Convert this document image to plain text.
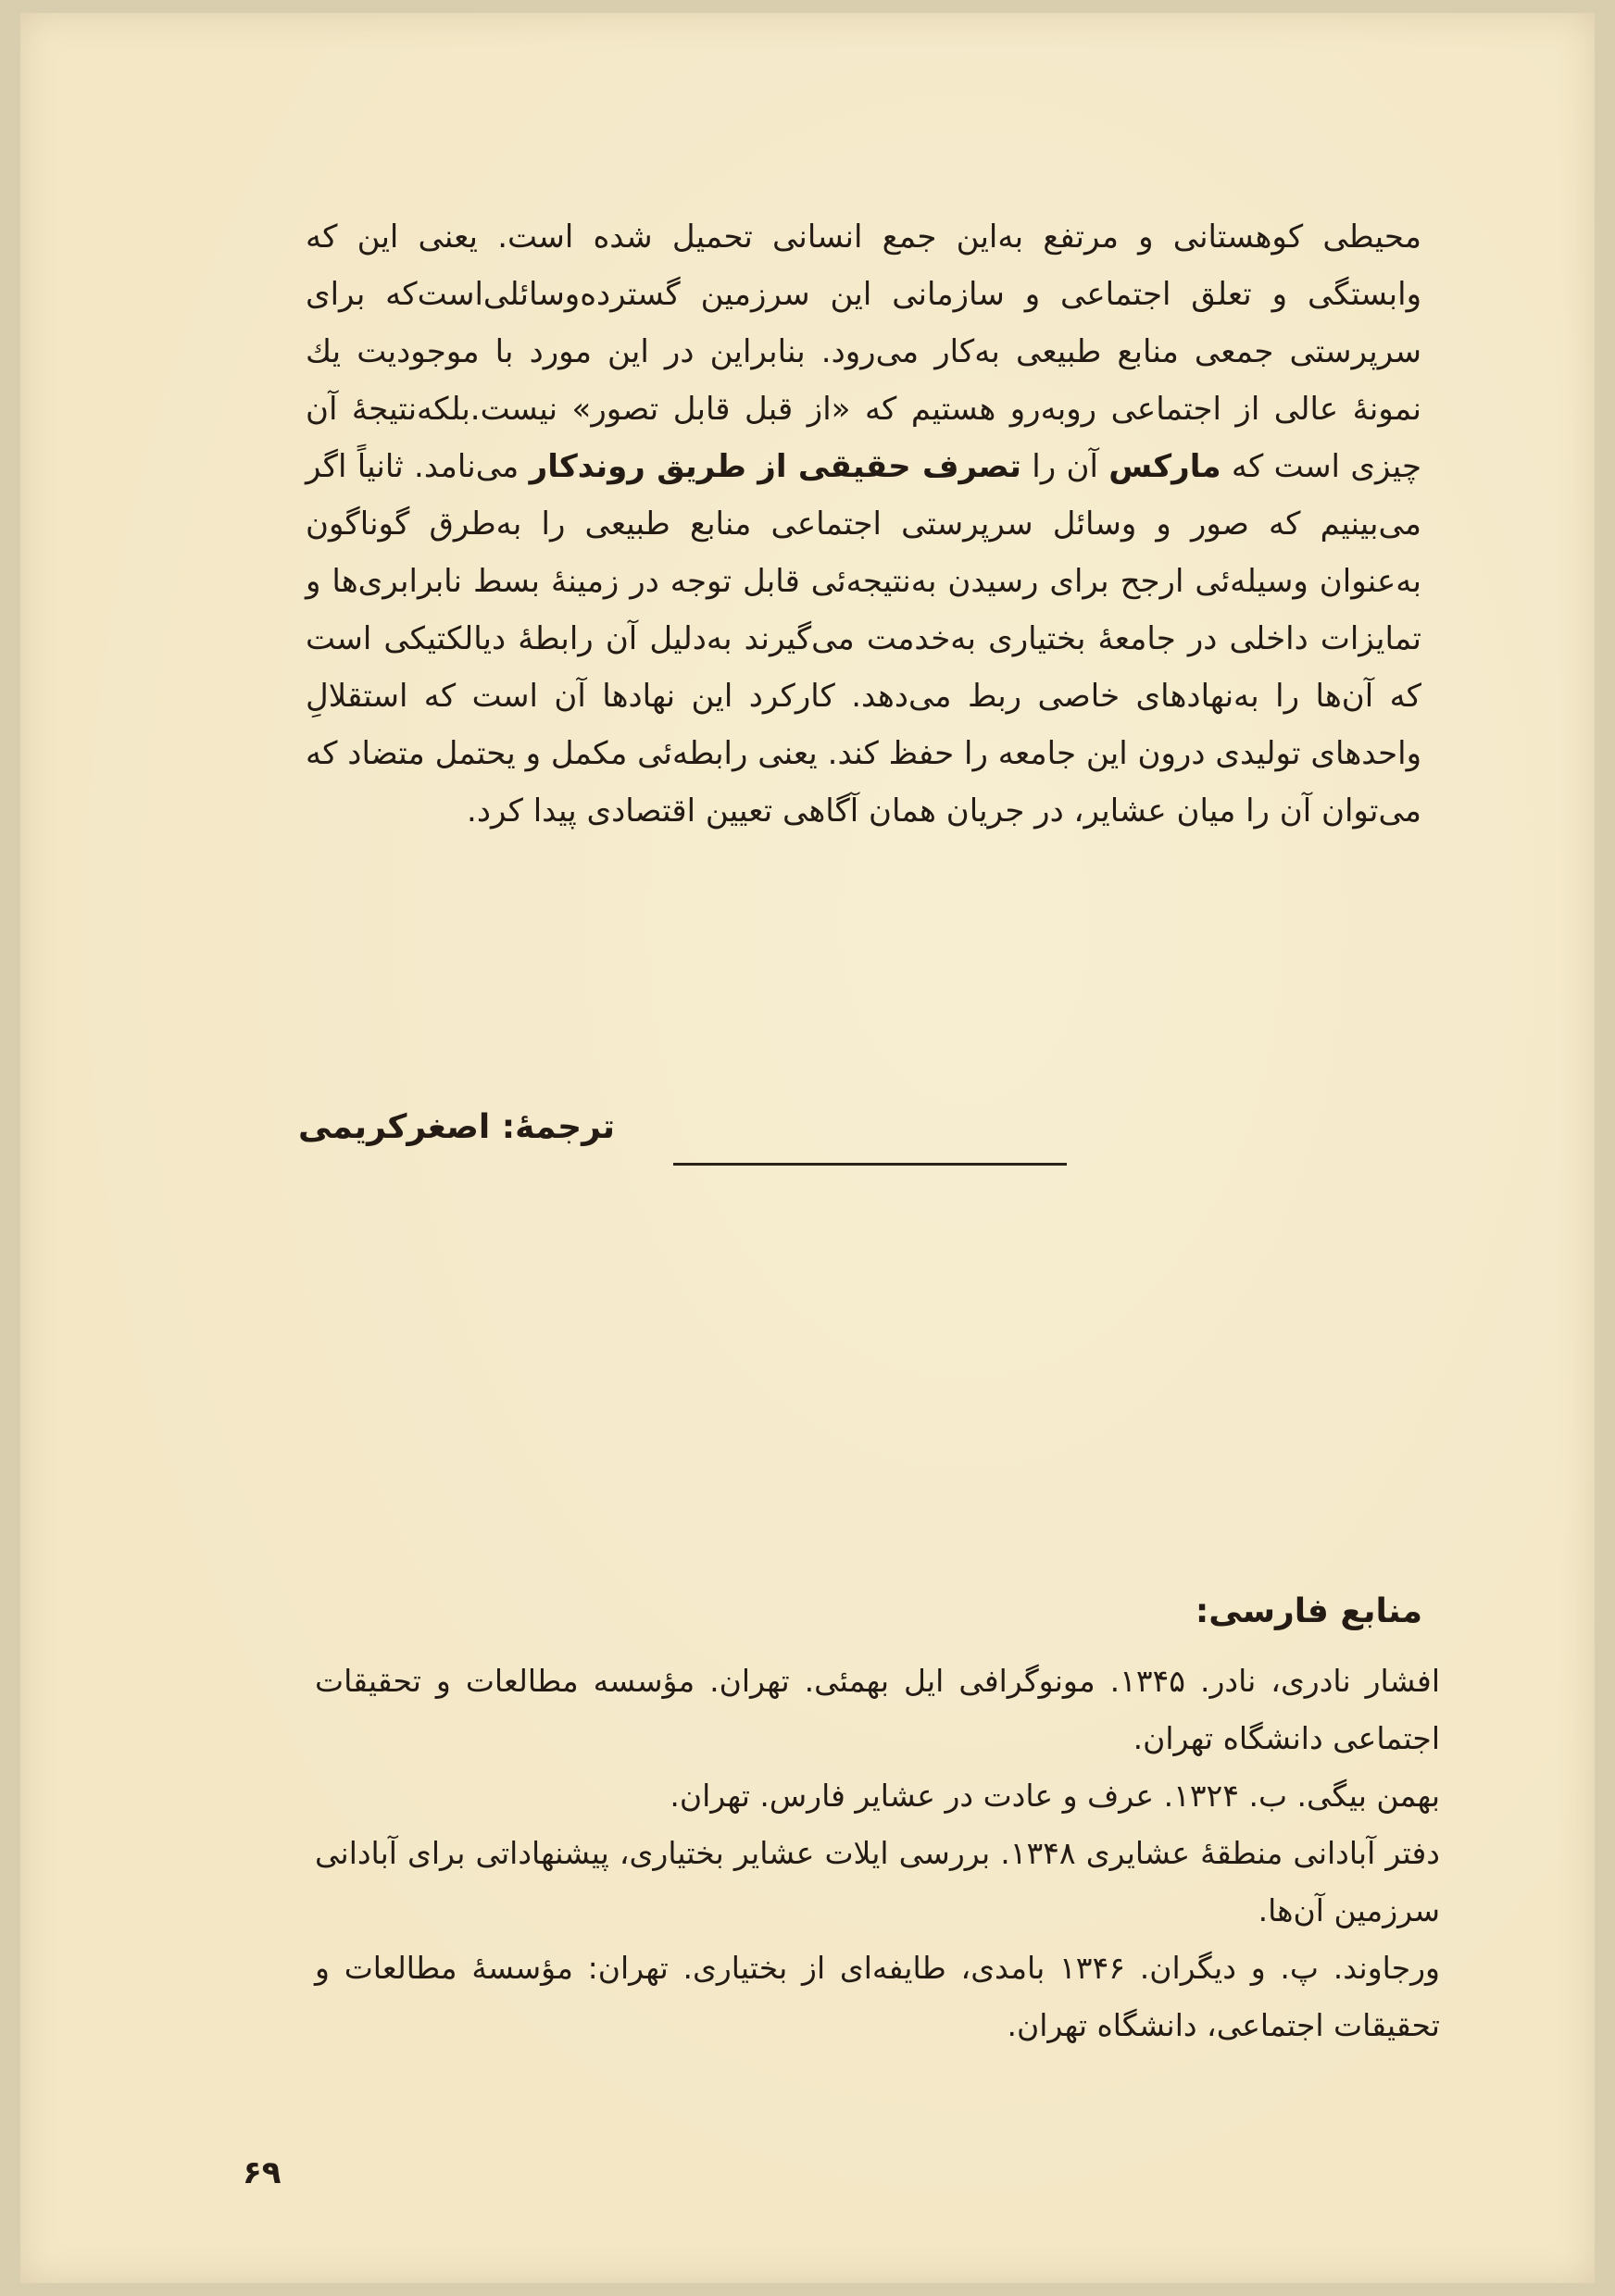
محیطی کوهستانی و مرتفع به‌این جمع انسانی تحمیل شده است. یعنی این که وابستگی و تعلق اجتماعی و سازمانی این سرزمین گسترده‌وسائلی‌است‌که برای سرپرستی جمعی منابع طبیعی به‌کار می‌رود. بنابراین در این مورد با موجودیت یك نمونهٔ عالی از اجتماعی روبه‌رو هستیم که «از قبل قابل تصور» نیست.بلکه‌نتیجهٔ آن چیزی است که مارکس آن را تصرف حقیقی از طریق روندکار می‌نامد. ثانیاً اگر می‌بینیم که صور و وسائل سرپرستی اجتماعی منابع طبیعی را به‌طرق گوناگون به‌عنوان وسیله‌ئی ارجح برای رسیدن به‌نتیجه‌ئی قابل توجه در زمینهٔ بسط نابرابری‌ها و تمایزات داخلی در جامعهٔ بختیاری به‌خدمت می‌گیرند به‌دلیل آن رابطهٔ دیالکتیکی است که آن‌ها را به‌نهادهای خاصی ربط می‌دهد. کارکرد این نهادها آن است که استقلالِ واحدهای تولیدی درون این جامعه را حفظ کند. یعنی رابطه‌ئی مکمل و یحتمل متضاد که می‌توان آن را میان عشایر، در جریان همان آگاهی تعیین اقتصادی پیدا کرد.

ترجمهٔ: اصغرکریمی
منابع فارسی:
افشار نادری، نادر. ۱۳۴۵. مونوگرافی ایل بهمئی. تهران. مؤسسه مطالعات و تحقیقات اجتماعی دانشگاه تهران.
بهمن بیگی. ب. ۱۳۲۴. عرف و عادت در عشایر فارس. تهران.
دفتر آبادانی منطقهٔ عشایری ۱۳۴۸. بررسی ایلات عشایر بختیاری، پیشنهاداتی برای آبادانی سرزمین آن‌ها.
ورجاوند. پ. و دیگران. ۱۳۴۶ بامدی، طایفه‌ای از بختیاری. تهران: مؤسسهٔ مطالعات و تحقیقات اجتماعی، دانشگاه تهران.
۶۹
